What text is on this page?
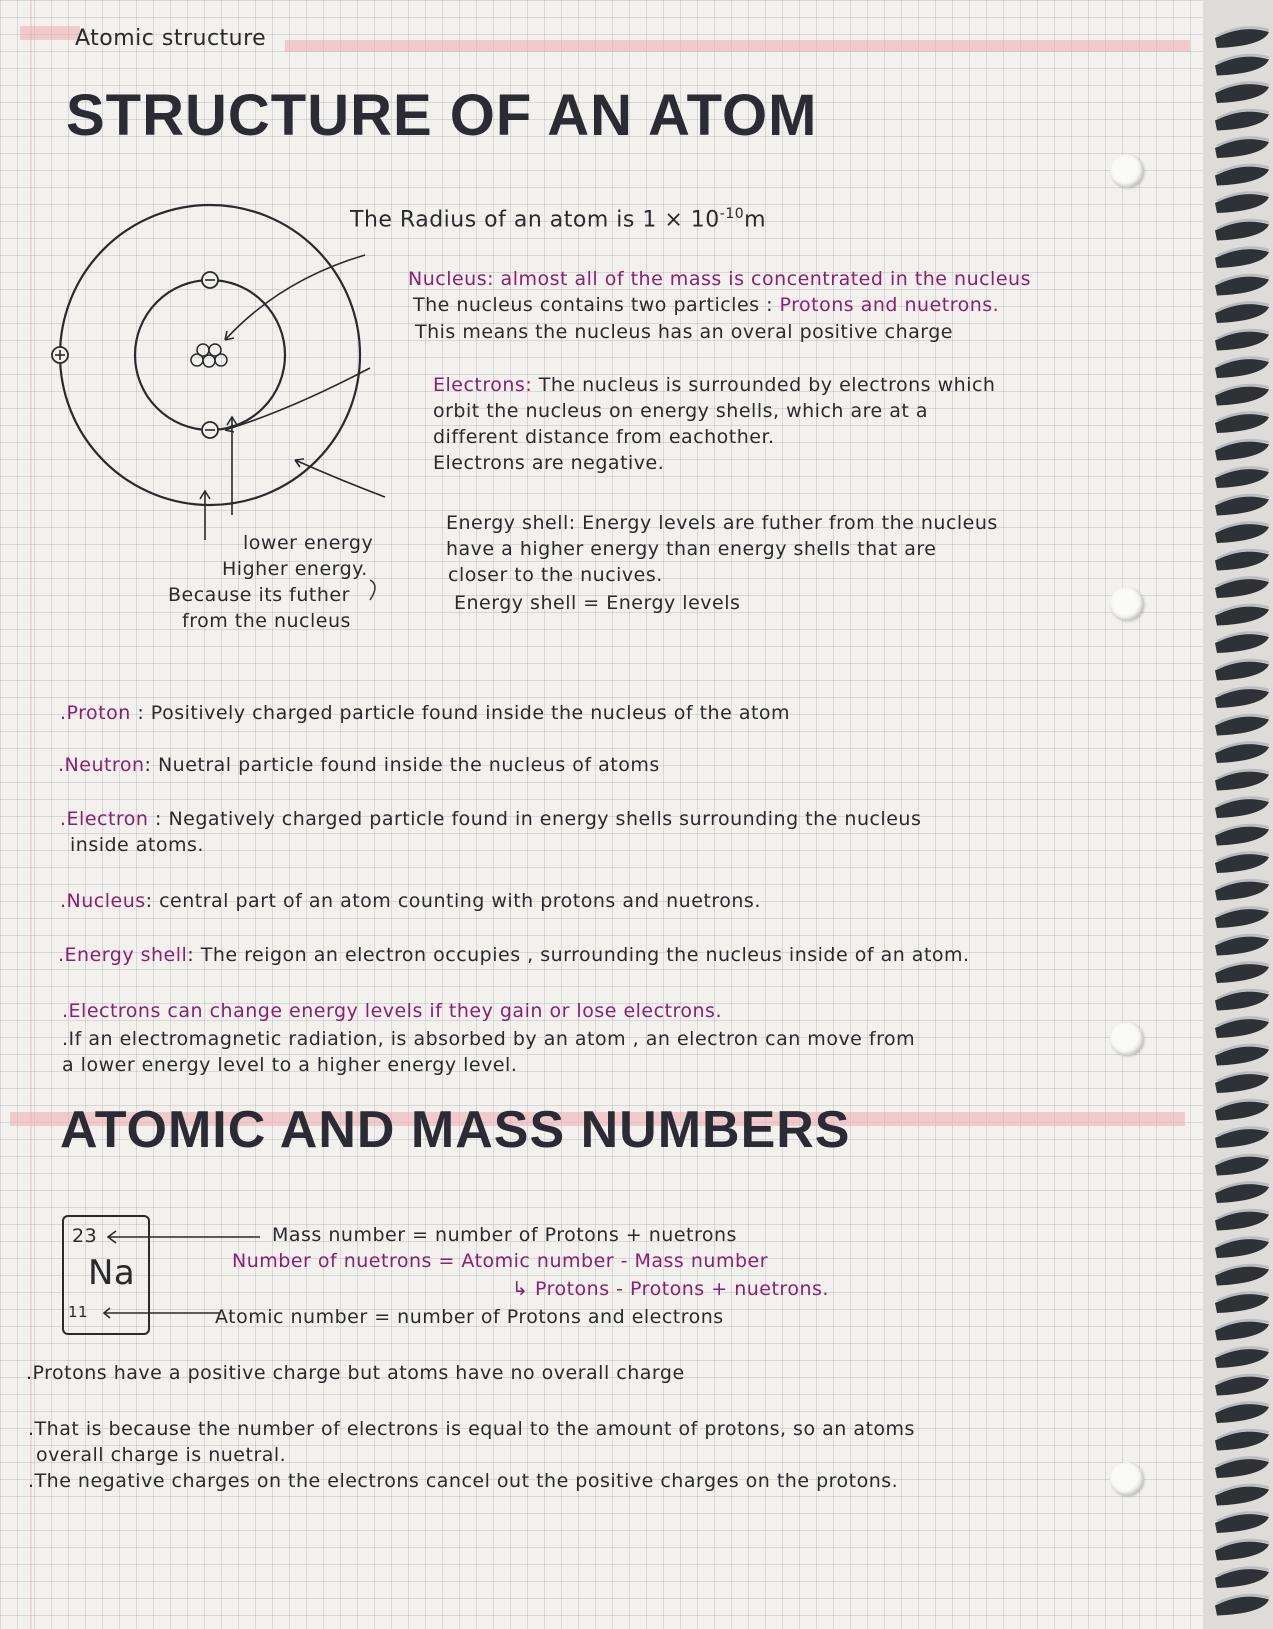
Atomic structure
STRUCTURE OF AN ATOM
The Radius of an atom is $1 \times 10^{-10}m$
lower energy
Higher energy.
Because its futher
from the nucleus
Nucleus: almost all of the mass is concentrated in the nucleus
The nucleus contains two particles : Protons and nuetrons.
This means the nucleus has an overal positive charge
Electrons: The nucleus is surrounded by electrons which
orbit the nucleus on energy shells, which are at a
different distance from eachother.
Electrons are negative.
Energy shell: Energy levels are futher from the nucleus
have a higher energy than energy shells that are
closer to the nucives.
Energy shell = Energy levels
.Proton : Positively charged particle found inside the nucleus of the atom
.Neutron: Nuetral particle found inside the nucleus of atoms
.Electron : Negatively charged particle found in energy shells surrounding the nucleus
inside atoms.
.Nucleus: central part of an atom counting with protons and nuetrons.
.Energy shell: The reigon an electron occupies , surrounding the nucleus inside of an atom.
.Electrons can change energy levels if they gain or lose electrons.
.If an electromagnetic radiation, is absorbed by an atom , an electron can move from
a lower energy level to a higher energy level.
ATOMIC AND MASS NUMBERS
23
Na
11
Mass number = number of Protons + nuetrons
Number of nuetrons = Atomic number - Mass number
↳ Protons - Protons + nuetrons.
Atomic number = number of Protons and electrons
.Protons have a positive charge but atoms have no overall charge
.That is because the number of electrons is equal to the amount of protons, so an atoms
overall charge is nuetral.
.The negative charges on the electrons cancel out the positive charges on the protons.
